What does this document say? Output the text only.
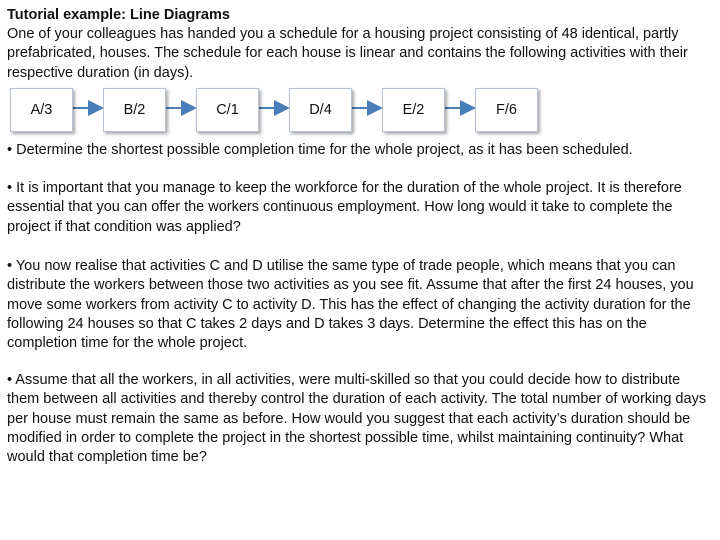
Tutorial example: Line Diagrams
One of your colleagues has handed you a schedule for a housing project consisting of 48 identical, partly prefabricated, houses. The schedule for each house is linear and contains the following activities with their respective duration (in days).
A/3	B/2	C/1	D/4	E/2	F/6
• Determine the shortest possible completion time for the whole project, as it has been scheduled.
• It is important that you manage to keep the workforce for the duration of the whole project. It is therefore essential that you can offer the workers continuous employment. How long would it take to complete the project if that condition was applied?
• You now realise that activities C and D utilise the same type of trade people, which means that you can distribute the workers between those two activities as you see fit. Assume that after the first 24 houses, you move some workers from activity C to activity D. This has the effect of changing the activity duration for the following 24 houses so that C takes 2 days and D takes 3 days. Determine the effect this has on the completion time for the whole project.
• Assume that all the workers, in all activities, were multi-skilled so that you could decide how to distribute them between all activities and thereby control the duration of each activity. The total number of working days per house must remain the same as before. How would you suggest that each activity’s duration should be modified in order to complete the project in the shortest possible time, whilst maintaining continuity? What would that completion time be?
